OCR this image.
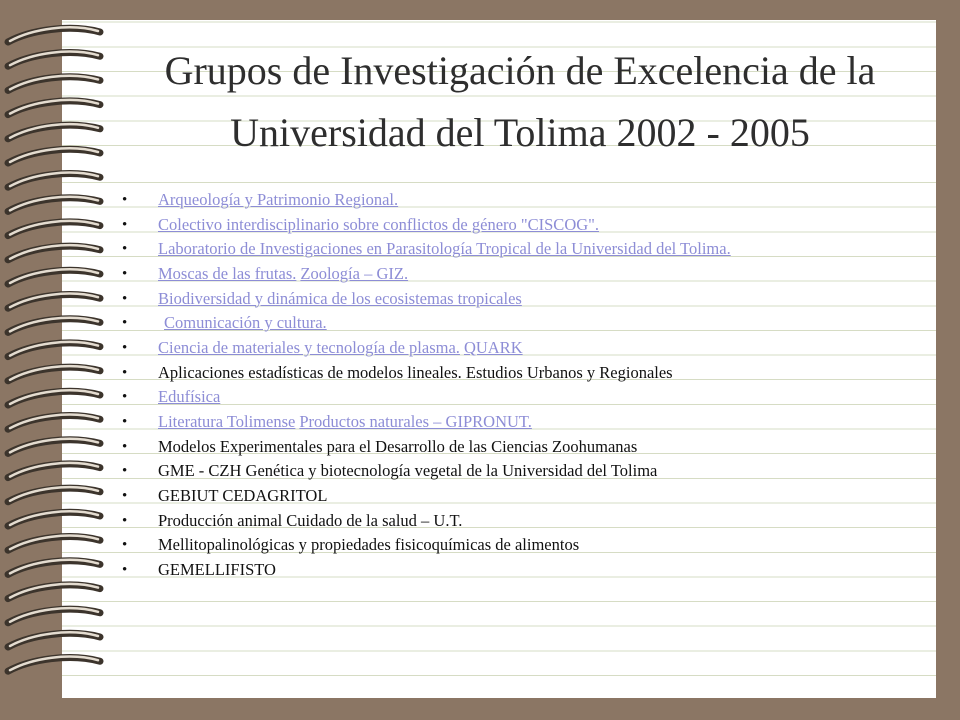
Grupos de Investigación de Excelencia de la
Universidad del Tolima 2002 - 2005
• Arqueología y Patrimonio Regional.
• Colectivo interdisciplinario sobre conflictos de género "CISCOG".
• Laboratorio de Investigaciones en Parasitología Tropical de la Universidad del Tolima.
• Moscas de las frutas. Zoología – GIZ.
• Biodiversidad y dinámica de los ecosistemas tropicales
• Comunicación y cultura.
• Ciencia de materiales y tecnología de plasma. QUARK
• Aplicaciones estadísticas de modelos lineales. Estudios Urbanos y Regionales
• Edufísica
• Literatura Tolimense Productos naturales – GIPRONUT.
• Modelos Experimentales para el Desarrollo de las Ciencias Zoohumanas
• GME - CZH Genética y biotecnología vegetal de la Universidad del Tolima
• GEBIUT CEDAGRITOL
• Producción animal Cuidado de la salud – U.T.
• Mellitopalinológicas y propiedades fisicoquímicas de alimentos
• GEMELLIFISTO
